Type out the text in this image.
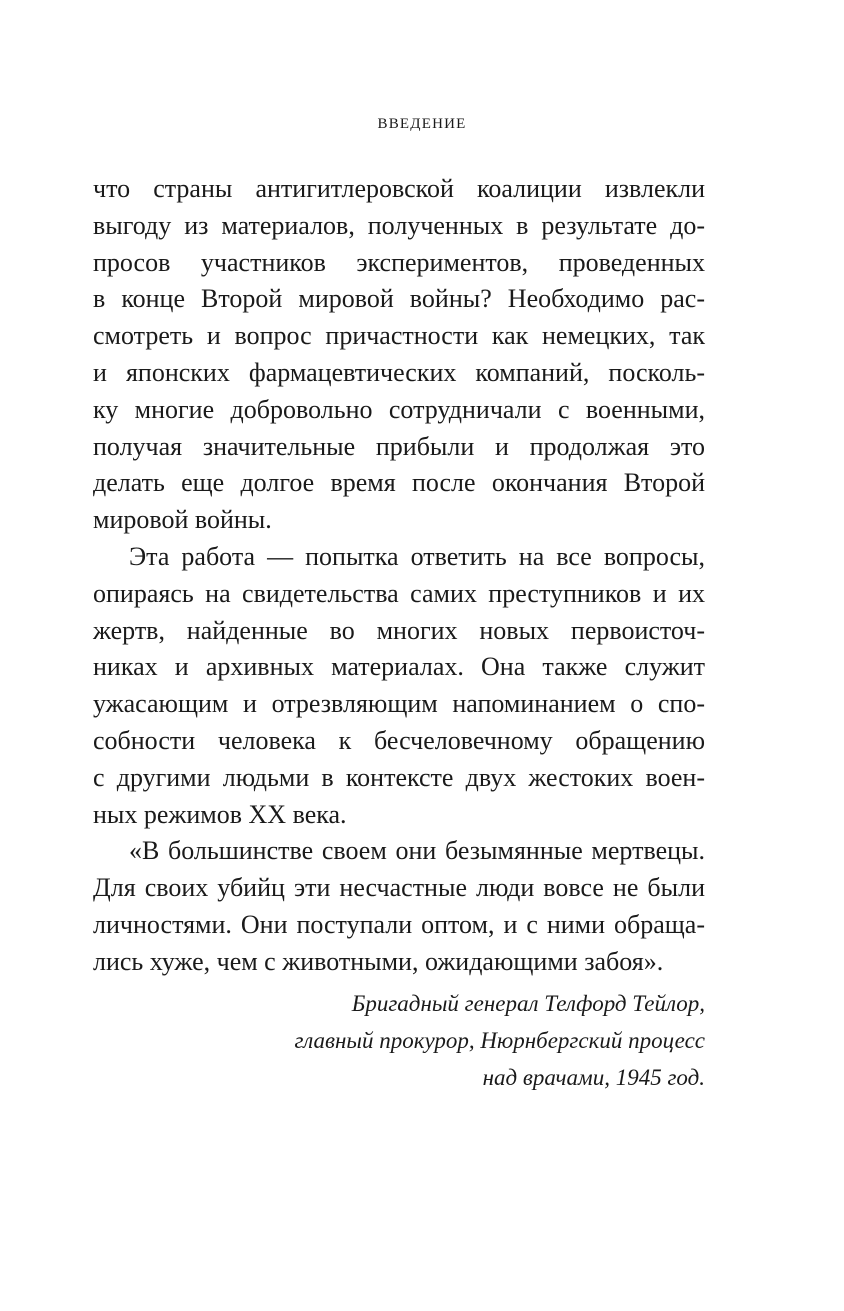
ВВЕДЕНИЕ
что страны антигитлеровской коалиции извлекли
выгоду из материалов, полученных в результате до-
просов участников экспериментов, проведенных
в конце Второй мировой войны? Необходимо рас-
смотреть и вопрос причастности как немецких, так
и японских фармацевтических компаний, посколь-
ку многие добровольно сотрудничали с военными,
получая значительные прибыли и продолжая это
делать еще долгое время после окончания Второй
мировой войны.
Эта работа — попытка ответить на все вопросы,
опираясь на свидетельства самих преступников и их
жертв, найденные во многих новых первоисточ-
никах и архивных материалах. Она также служит
ужасающим и отрезвляющим напоминанием о спо-
собности человека к бесчеловечному обращению
с другими людьми в контексте двух жестоких воен-
ных режимов XX века.
«В большинстве своем они безымянные мертвецы.
Для своих убийц эти несчастные люди вовсе не были
личностями. Они поступали оптом, и с ними обраща-
лись хуже, чем с животными, ожидающими забоя».
Бригадный генерал Телфорд Тейлор,
главный прокурор, Нюрнбергский процесс
над врачами, 1945 год.
